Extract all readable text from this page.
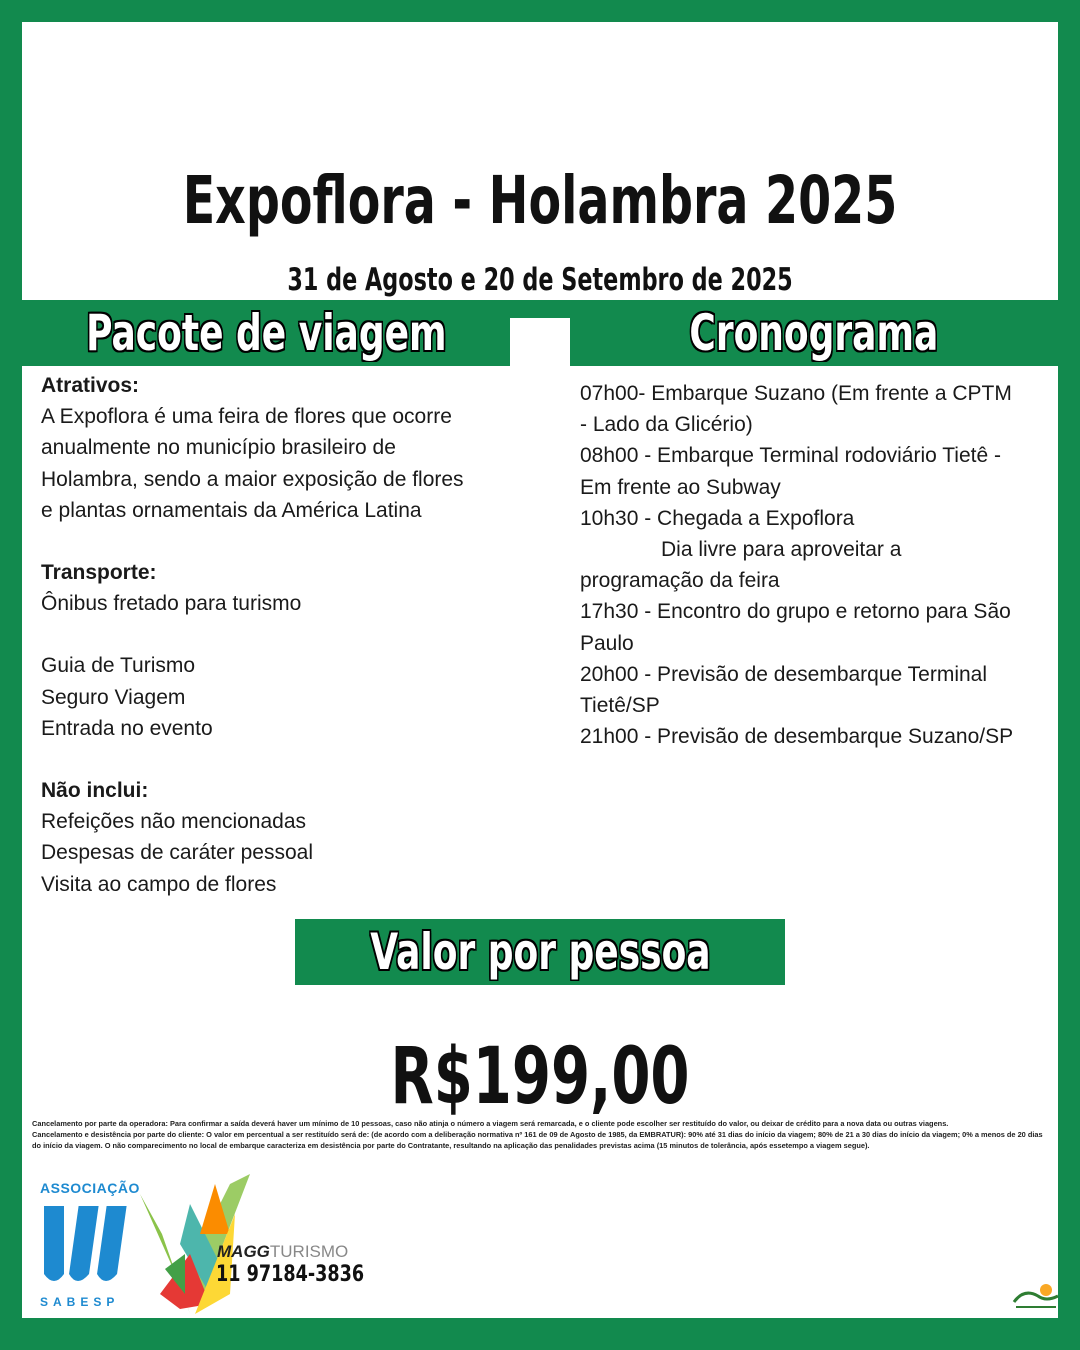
Expoflora - Holambra 2025
31 de Agosto e 20 de Setembro de 2025
Pacote de viagem	Cronograma
Atrativos:
A Expoflora é uma feira de flores que ocorre
anualmente no município brasileiro de
Holambra, sendo a maior exposição de flores
e plantas ornamentais da América Latina
Transporte:
Ônibus fretado para turismo
Guia de Turismo
Seguro Viagem
Entrada no evento
Não inclui:
Refeições não mencionadas
Despesas de caráter pessoal
Visita ao campo de flores
07h00- Embarque Suzano (Em frente a CPTM
- Lado da Glicério)
08h00 - Embarque Terminal rodoviário Tietê -
Em frente ao Subway
10h30 - Chegada a Expoflora
Dia livre para aproveitar a
programação da feira
17h30 - Encontro do grupo e retorno para São
Paulo
20h00 - Previsão de desembarque Terminal
Tietê/SP
21h00 - Previsão de desembarque Suzano/SP
Valor por pessoa
R$199,00
Cancelamento por parte da operadora: Para confirmar a saída deverá haver um mínimo de 10 pessoas, caso não atinja o número a viagem será remarcada, e o cliente pode escolher ser restituído do valor, ou deixar de crédito para a nova data ou outras viagens.
Cancelamento e desistência por parte do cliente: O valor em percentual a ser restituído será de: (de acordo com a deliberação normativa nº 161 de 09 de Agosto de 1985, da EMBRATUR): 90% até 31 dias do início da viagem; 80% de 21 a 30 dias do início da viagem; 0% a menos de 20 dias do início da viagem. O não comparecimento no local de embarque caracteriza em desistência por parte do Contratante, resultando na aplicação das penalidades previstas acima (15 minutos de tolerância, após essetempo a viagem segue).
ASSOCIAÇÃO
SABESP
MAGGTURISMO
11 97184-3836
